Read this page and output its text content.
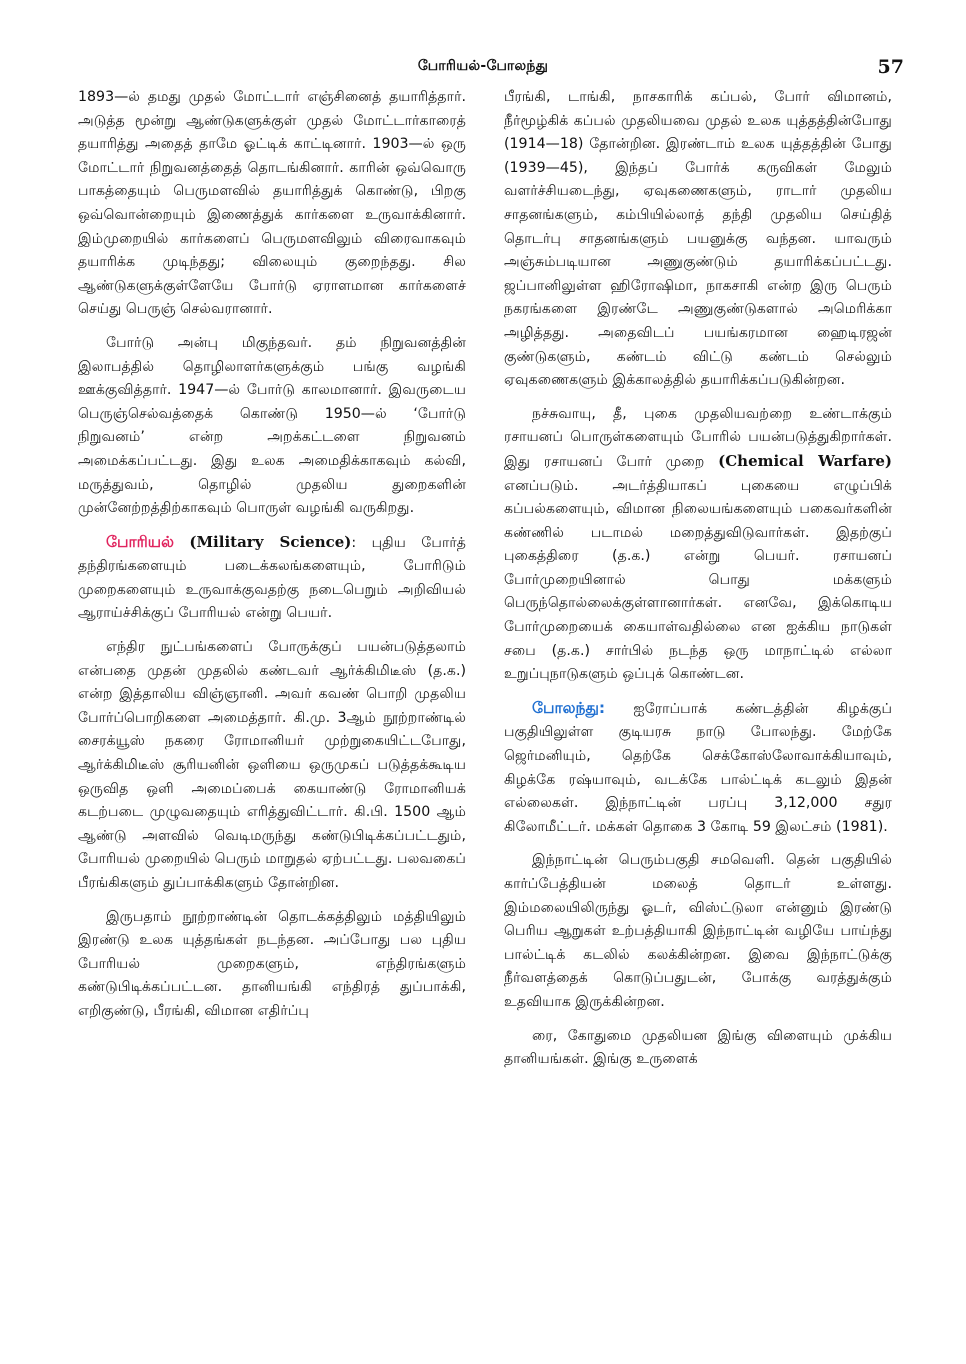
போரியல்-போலந்து	57

1893—ல் தமது முதல் மோட்டார் எஞ்சினைத் தயாரித்தார். அடுத்த மூன்று ஆண்டுகளுக்குள் முதல் மோட்டார்காரைத் தயாரித்து அதைத் தாமே ஓட்டிக் காட்டினார். 1903—ல் ஒரு மோட்டார் நிறுவனத்தைத் தொடங்கினார். காரின் ஒவ்வொரு பாகத்தையும் பெருமளவில் தயாரித்துக் கொண்டு, பிறகு ஒவ்வொன்றையும் இணைத்துக் கார்களை உருவாக்கினார். இம்முறையில் கார்களைப் பெருமளவிலும் விரைவாகவும் தயாரிக்க முடிந்தது; விலையும் குறைந்தது. சில ஆண்டுகளுக்குள்ளேயே போர்டு ஏராளமான கார்களைச் செய்து பெருஞ் செல்வரானார்.

போர்டு அன்பு மிகுந்தவர். தம் நிறுவனத்தின் இலாபத்தில் தொழிலாளர்களுக்கும் பங்கு வழங்கி ஊக்குவித்தார். 1947—ல் போர்டு காலமானார். இவருடைய பெருஞ்செல்வத்தைக் கொண்டு 1950—ல் ‘போர்டு நிறுவனம்’ என்ற அறக்கட்டளை நிறுவனம் அமைக்கப்பட்டது. இது உலக அமைதிக்காகவும் கல்வி, மருத்துவம், தொழில் முதலிய துறைகளின் முன்னேற்றத்திற்காகவும் பொருள் வழங்கி வருகிறது.

போரியல் (Military Science): புதிய போர்த் தந்திரங்களையும் படைக்கலங்களையும், போரிடும் முறைகளையும் உருவாக்குவதற்கு நடைபெறும் அறிவியல் ஆராய்ச்சிக்குப் போரியல் என்று பெயர்.

எந்திர நுட்பங்களைப் போருக்குப் பயன்படுத்தலாம் என்பதை முதன் முதலில் கண்டவர் ஆர்க்கிமிடீஸ் (த.க.) என்ற இத்தாலிய விஞ்ஞானி. அவர் கவண் பொறி முதலிய போர்ப்பொறிகளை அமைத்தார். கி.மு. 3ஆம் நூற்றாண்டில் சைரக்யூஸ் நகரை ரோமானியர் முற்றுகையிட்டபோது, ஆர்க்கிமிடீஸ் சூரியனின் ஒளியை ஒருமுகப் படுத்தக்கூடிய ஒருவித ஒளி அமைப்பைக் கையாண்டு ரோமானியக் கடற்படை முழுவதையும் எரித்துவிட்டார். கி.பி. 1500 ஆம் ஆண்டு அளவில் வெடிமருந்து கண்டுபிடிக்கப்பட்டதும், போரியல் முறையில் பெரும் மாறுதல் ஏற்பட்டது. பலவகைப் பீரங்கிகளும் துப்பாக்கிகளும் தோன்றின.

இருபதாம் நூற்றாண்டின் தொடக்கத்திலும் மத்தியிலும் இரண்டு உலக யுத்தங்கள் நடந்தன. அப்போது பல புதிய போரியல் முறைகளும், எந்திரங்களும் கண்டுபிடிக்கப்பட்டன. தானியங்கி எந்திரத் துப்பாக்கி, எறிகுண்டு, பீரங்கி, விமான எதிர்ப்பு

பீரங்கி, டாங்கி, நாசகாரிக் கப்பல், போர் விமானம், நீர்மூழ்கிக் கப்பல் முதலியவை முதல் உலக யுத்தத்தின்போது (1914—18) தோன்றின. இரண்டாம் உலக யுத்தத்தின் போது (1939—45), இந்தப் போர்க் கருவிகள் மேலும் வளர்ச்சியடைந்து, ஏவுகணைகளும், ராடார் முதலிய சாதனங்களும், கம்பியில்லாத் தந்தி முதலிய செய்தித் தொடர்பு சாதனங்களும் பயனுக்கு வந்தன. யாவரும் அஞ்சும்படியான அணுகுண்டும் தயாரிக்கப்பட்டது. ஜப்பானிலுள்ள ஹிரோஷிமா, நாகசாகி என்ற இரு பெரும் நகரங்களை இரண்டே அணுகுண்டுகளால் அமெரிக்கா அழித்தது. அதைவிடப் பயங்கரமான ஹைடிரஜன் குண்டுகளும், கண்டம் விட்டு கண்டம் செல்லும் ஏவுகணைகளும் இக்காலத்தில் தயாரிக்கப்படுகின்றன.

நச்சுவாயு, தீ, புகை முதலியவற்றை உண்டாக்கும் ரசாயனப் பொருள்களையும் போரில் பயன்படுத்துகிறார்கள். இது ரசாயனப் போர் முறை (Chemical Warfare) எனப்படும். அடர்த்தியாகப் புகையை எழுப்பிக் கப்பல்களையும், விமான நிலையங்களையும் பகைவர்களின் கண்ணில் படாமல் மறைத்துவிடுவார்கள். இதற்குப் புகைத்திரை (த.க.) என்று பெயர். ரசாயனப் போர்முறையினால் பொது மக்களும் பெருந்தொல்லைக்குள்ளானார்கள். எனவே, இக்கொடிய போர்முறையைக் கையாள்வதில்லை என ஐக்கிய நாடுகள் சபை (த.க.) சார்பில் நடந்த ஒரு மாநாட்டில் எல்லா உறுப்புநாடுகளும் ஒப்புக் கொண்டன.

போலந்து: ஐரோப்பாக் கண்டத்தின் கிழக்குப் பகுதியிலுள்ள குடியரசு நாடு போலந்து. மேற்கே ஜெர்மனியும், தெற்கே செக்கோஸ்லோவாக்கியாவும், கிழக்கே ரஷ்யாவும், வடக்கே பால்ட்டிக் கடலும் இதன் எல்லைகள். இந்நாட்டின் பரப்பு 3,12,000 சதுர கிலோமீட்டர். மக்கள் தொகை 3 கோடி 59 இலட்சம் (1981).

இந்நாட்டின் பெரும்பகுதி சமவெளி. தென் பகுதியில் கார்ப்பேத்தியன் மலைத் தொடர் உள்ளது. இம்மலையிலிருந்து ஓடர், விஸ்ட்டுலா என்னும் இரண்டு பெரிய ஆறுகள் உற்பத்தியாகி இந்நாட்டின் வழியே பாய்ந்து பால்ட்டிக் கடலில் கலக்கின்றன. இவை இந்நாட்டுக்கு நீர்வளத்தைக் கொடுப்பதுடன், போக்கு வரத்துக்கும் உதவியாக இருக்கின்றன.

ரை, கோதுமை முதலியன இங்கு விளையும் முக்கிய தானியங்கள். இங்கு உருளைக்
